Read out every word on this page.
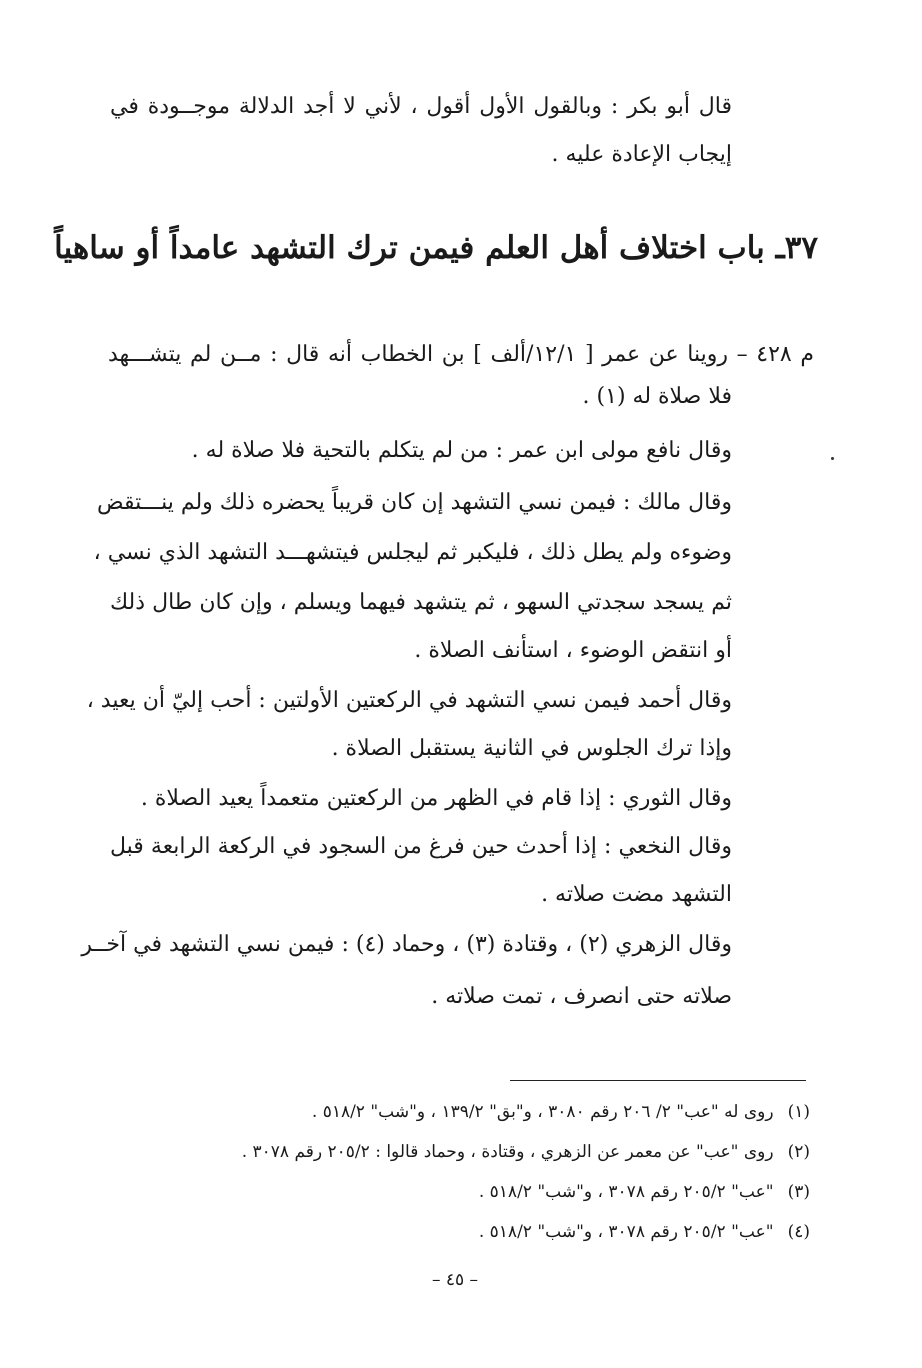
قال أبو بكر : وبالقول الأول أقول ، لأني لا أجد الدلالة موجــودة في
إيجاب الإعادة عليه .
٣٧ـ باب اختلاف أهل العلم فيمن ترك التشهد عامداً أو ساهياً
م ٤٢٨ – روينا عن عمر [ ١٢/١/ألف ] بن الخطاب أنه قال : مــن لم يتشـــهد
فلا صلاة له (١) .
وقال نافع مولى ابن عمر : من لم يتكلم بالتحية فلا صلاة له .
وقال مالك : فيمن نسي التشهد إن كان قريباً يحضره ذلك ولم ينـــتقض
وضوءه ولم يطل ذلك ، فليكبر ثم ليجلس فيتشهـــد التشهد الذي نسي ،
ثم يسجد سجدتي السهو ، ثم يتشهد فيهما ويسلم ، وإن كان طال ذلك
أو انتقض الوضوء ، استأنف الصلاة .
وقال أحمد فيمن نسي التشهد في الركعتين الأولتين : أحب إليّ أن يعيد ،
وإذا ترك الجلوس في الثانية يستقبل الصلاة .
وقال الثوري : إذا قام في الظهر من الركعتين متعمداً يعيد الصلاة .
وقال النخعي : إذا أحدث حين فرغ من السجود في الركعة الرابعة قبل
التشهد مضت صلاته .
وقال الزهري (٢) ، وقتادة (٣) ، وحماد (٤) : فيمن نسي التشهد في آخــر
صلاته حتى انصرف ، تمت صلاته .
(١)روى له "عب" ٢/ ٢٠٦ رقم ٣٠٨٠ ، و"بق" ١٣٩/٢ ، و"شب" ٥١٨/٢ .
(٢)روى "عب" عن معمر عن الزهري ، وقتادة ، وحماد قالوا : ٢٠٥/٢ رقم ٣٠٧٨ .
(٣)"عب" ٢٠٥/٢ رقم ٣٠٧٨ ، و"شب" ٥١٨/٢ .
(٤)"عب" ٢٠٥/٢ رقم ٣٠٧٨ ، و"شب" ٥١٨/٢ .
– ٤٥ –
